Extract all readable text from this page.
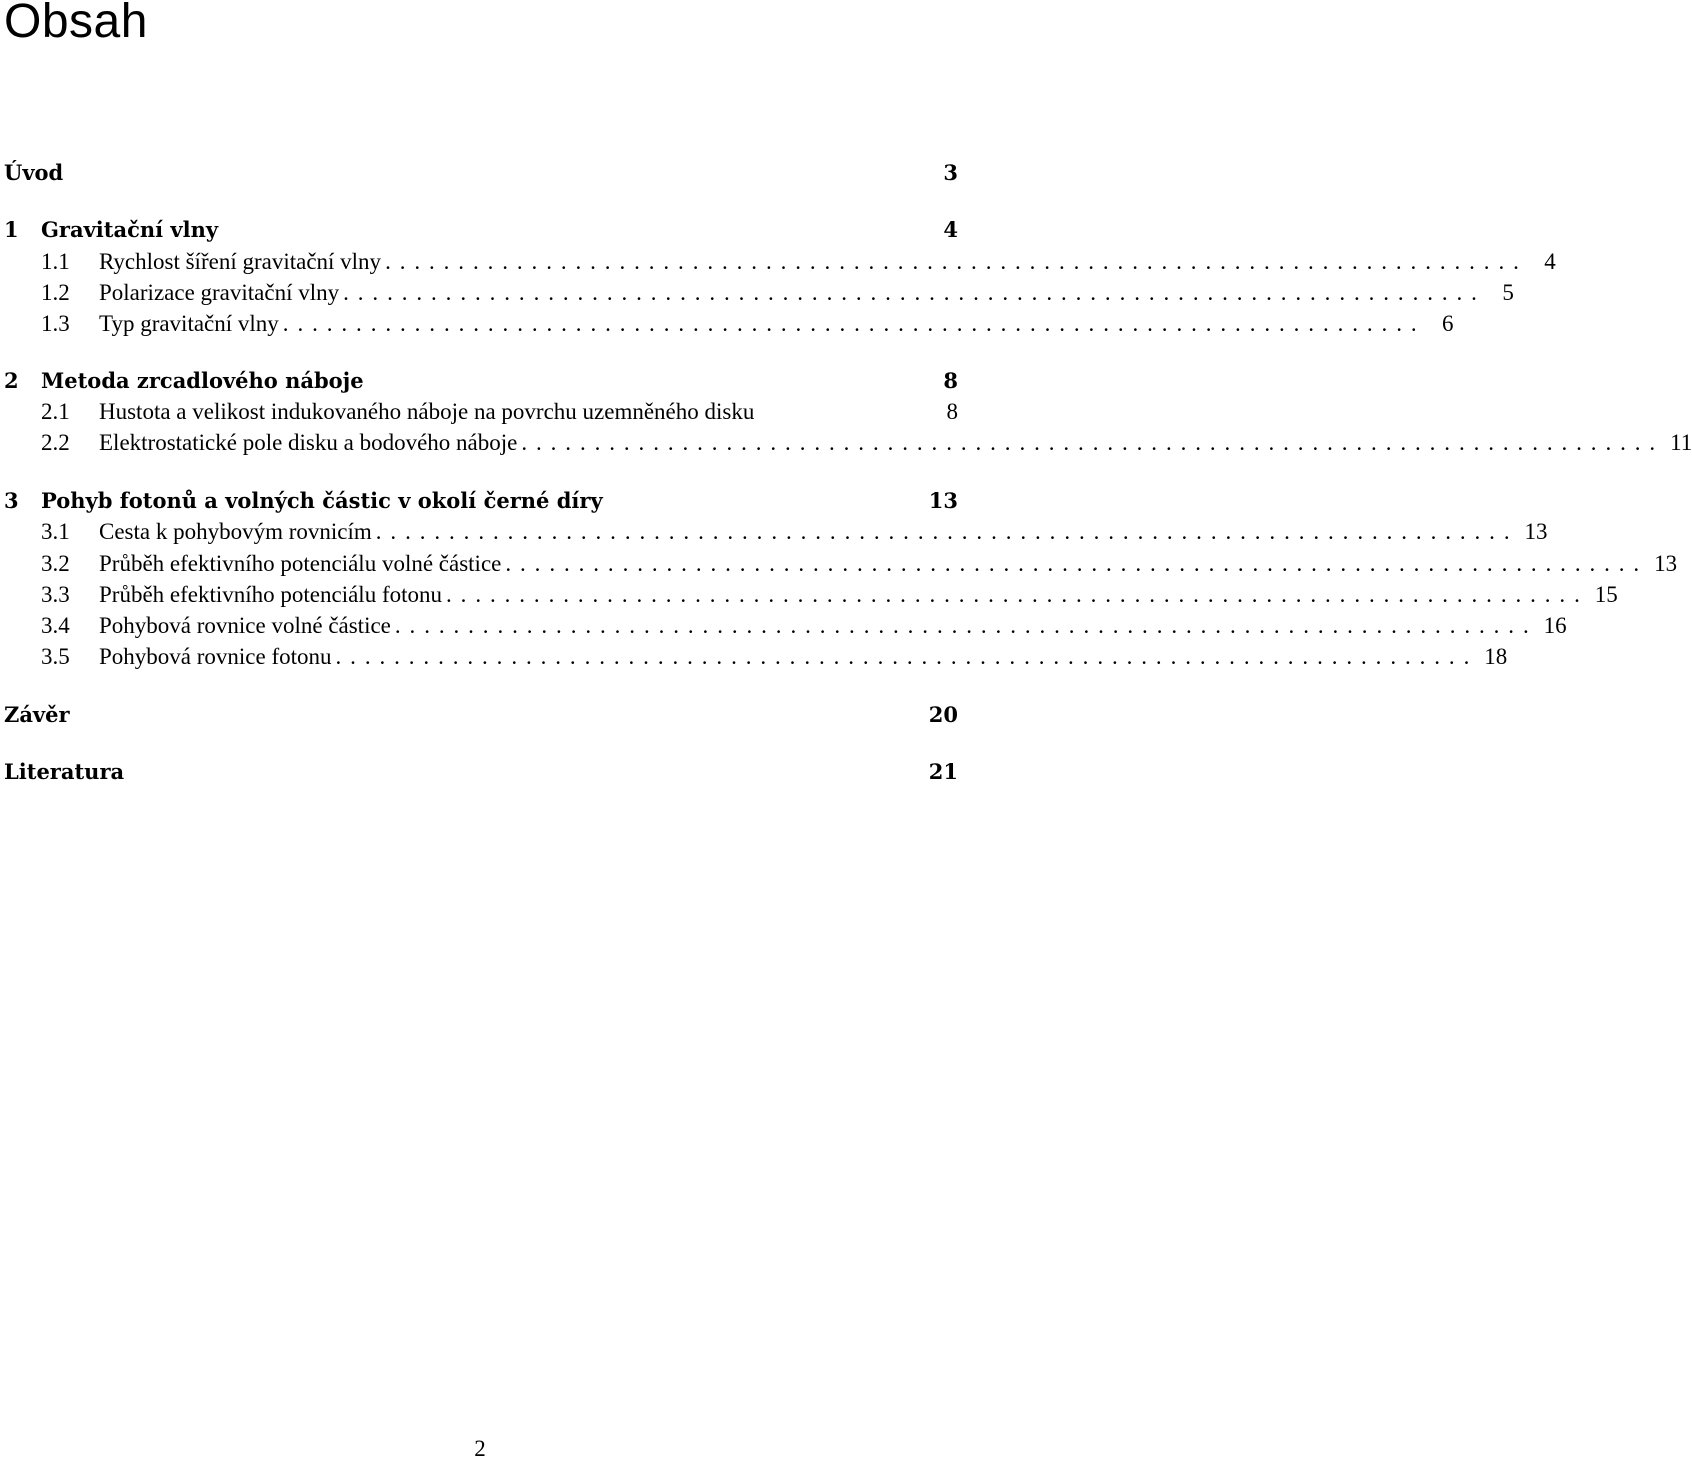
Obsah
Úvod	3
1	Gravitační vlny	4
1.1	Rychlost šíření gravitační vlny .............................................................................. 4
1.2	Polarizace gravitační vlny .............................................................................. 5
1.3	Typ gravitační vlny .............................................................................. 6
2	Metoda zrcadlového náboje	8
2.1	Hustota a velikost indukovaného náboje na povrchu uzemněného disku	8
2.2	Elektrostatické pole disku a bodového náboje .............................................................................. 11
3	Pohyb fotonů a volných částic v okolí černé díry	13
3.1	Cesta k pohybovým rovnicím .............................................................................. 13
3.2	Průběh efektivního potenciálu volné částice .............................................................................. 13
3.3	Průběh efektivního potenciálu fotonu .............................................................................. 15
3.4	Pohybová rovnice volné částice .............................................................................. 16
3.5	Pohybová rovnice fotonu .............................................................................. 18
Závěr	20
Literatura	21
2
